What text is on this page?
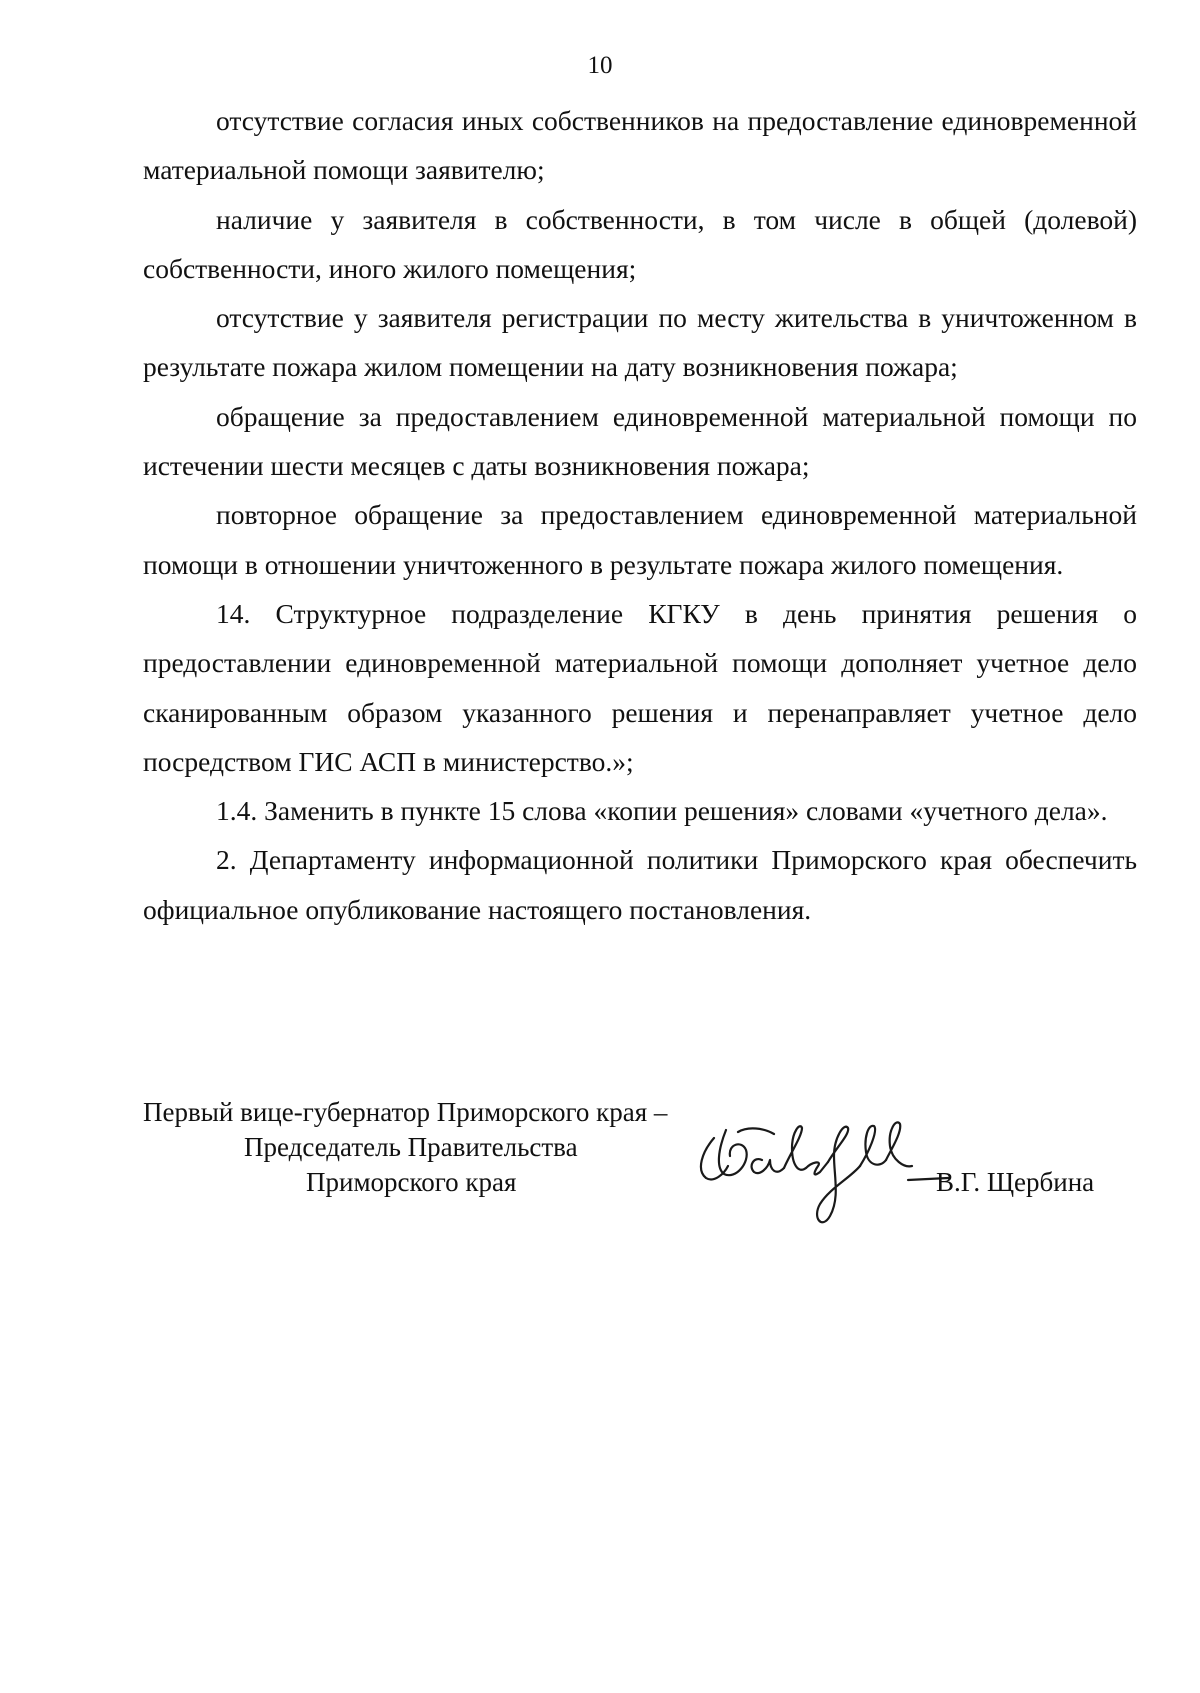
10

отсутствие согласия иных собственников на предоставление единовременной материальной помощи заявителю;

наличие у заявителя в собственности, в том числе в общей (долевой) собственности, иного жилого помещения;

отсутствие у заявителя регистрации по месту жительства в уничтоженном в результате пожара жилом помещении на дату возникновения пожара;

обращение за предоставлением единовременной материальной помощи по истечении шести месяцев с даты возникновения пожара;

повторное обращение за предоставлением единовременной материальной помощи в отношении уничтоженного в результате пожара жилого помещения.

14. Структурное подразделение КГКУ в день принятия решения о предоставлении единовременной материальной помощи дополняет учетное дело сканированным образом указанного решения и перенаправляет учетное дело посредством ГИС АСП в министерство.»;

1.4. Заменить в пункте 15 слова «копии решения» словами «учетного дела».

2. Департаменту информационной политики Приморского края обеспечить официальное опубликование настоящего постановления.

Первый вице-губернатор Приморского края –
Председатель Правительства
Приморского края	В.Г. Щербина
